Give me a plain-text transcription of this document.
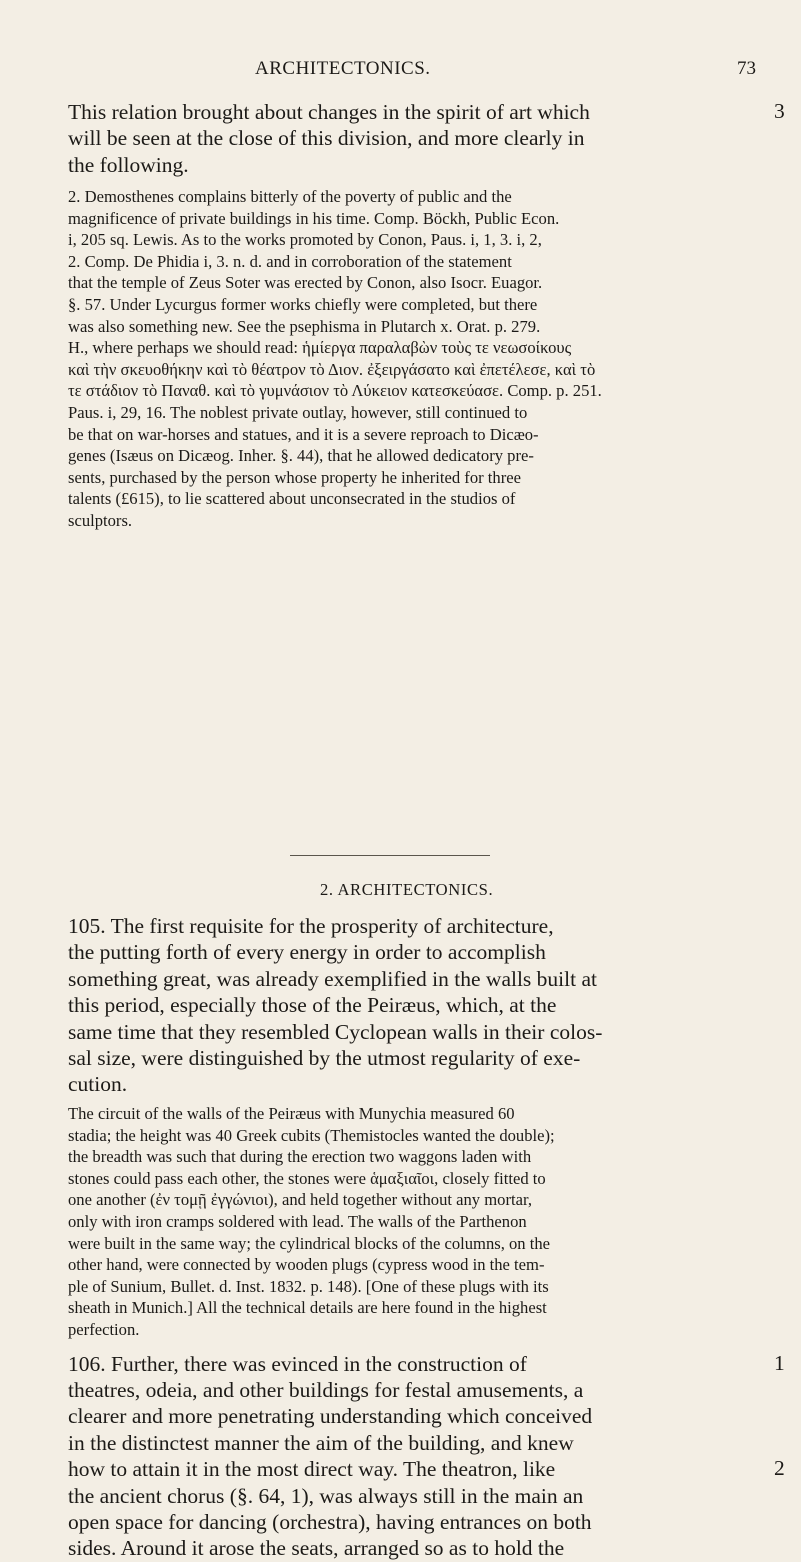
ARCHITECTONICS.	73
This relation brought about changes in the spirit of art which
will be seen at the close of this division, and more clearly in
the following.
3
2. Demosthenes complains bitterly of the poverty of public and the
magnificence of private buildings in his time. Comp. Böckh, Public Econ.
i, 205 sq. Lewis. As to the works promoted by Conon, Paus. i, 1, 3. i, 2,
2. Comp. De Phidia i, 3. n. d. and in corroboration of the statement
that the temple of Zeus Soter was erected by Conon, also Isocr. Euagor.
§. 57. Under Lycurgus former works chiefly were completed, but there
was also something new. See the psephisma in Plutarch x. Orat. p. 279.
H., where perhaps we should read: ἡμίεργα παραλαβὼν τοὺς τε νεωσοίκους
καὶ τὴν σκευοθήκην καὶ τὸ θέατρον τὸ Διον. ἐξειργάσατο καὶ ἐπετέλεσε, καὶ τὸ
τε στάδιον τὸ Παναθ. καὶ τὸ γυμνάσιον τὸ Λύκειον κατεσκεύασε. Comp. p. 251.
Paus. i, 29, 16. The noblest private outlay, however, still continued to
be that on war-horses and statues, and it is a severe reproach to Dicæo-
genes (Isæus on Dicæog. Inher. §. 44), that he allowed dedicatory pre-
sents, purchased by the person whose property he inherited for three
talents (£615), to lie scattered about unconsecrated in the studios of
sculptors.
2. ARCHITECTONICS.
105. The first requisite for the prosperity of architecture,
the putting forth of every energy in order to accomplish
something great, was already exemplified in the walls built at
this period, especially those of the Peiræus, which, at the
same time that they resembled Cyclopean walls in their colos-
sal size, were distinguished by the utmost regularity of exe-
cution.
The circuit of the walls of the Peiræus with Munychia measured 60
stadia; the height was 40 Greek cubits (Themistocles wanted the double);
the breadth was such that during the erection two waggons laden with
stones could pass each other, the stones were ἁμαξιαῖοι, closely fitted to
one another (ἐν τομῇ ἐγγώνιοι), and held together without any mortar,
only with iron cramps soldered with lead. The walls of the Parthenon
were built in the same way; the cylindrical blocks of the columns, on the
other hand, were connected by wooden plugs (cypress wood in the tem-
ple of Sunium, Bullet. d. Inst. 1832. p. 148). [One of these plugs with its
sheath in Munich.] All the technical details are here found in the highest
perfection.
106. Further, there was evinced in the construction of
theatres, odeia, and other buildings for festal amusements, a
clearer and more penetrating understanding which conceived
in the distinctest manner the aim of the building, and knew
how to attain it in the most direct way. The theatron, like
the ancient chorus (§. 64, 1), was always still in the main an
open space for dancing (orchestra), having entrances on both
sides. Around it arose the seats, arranged so as to hold the
1
2
